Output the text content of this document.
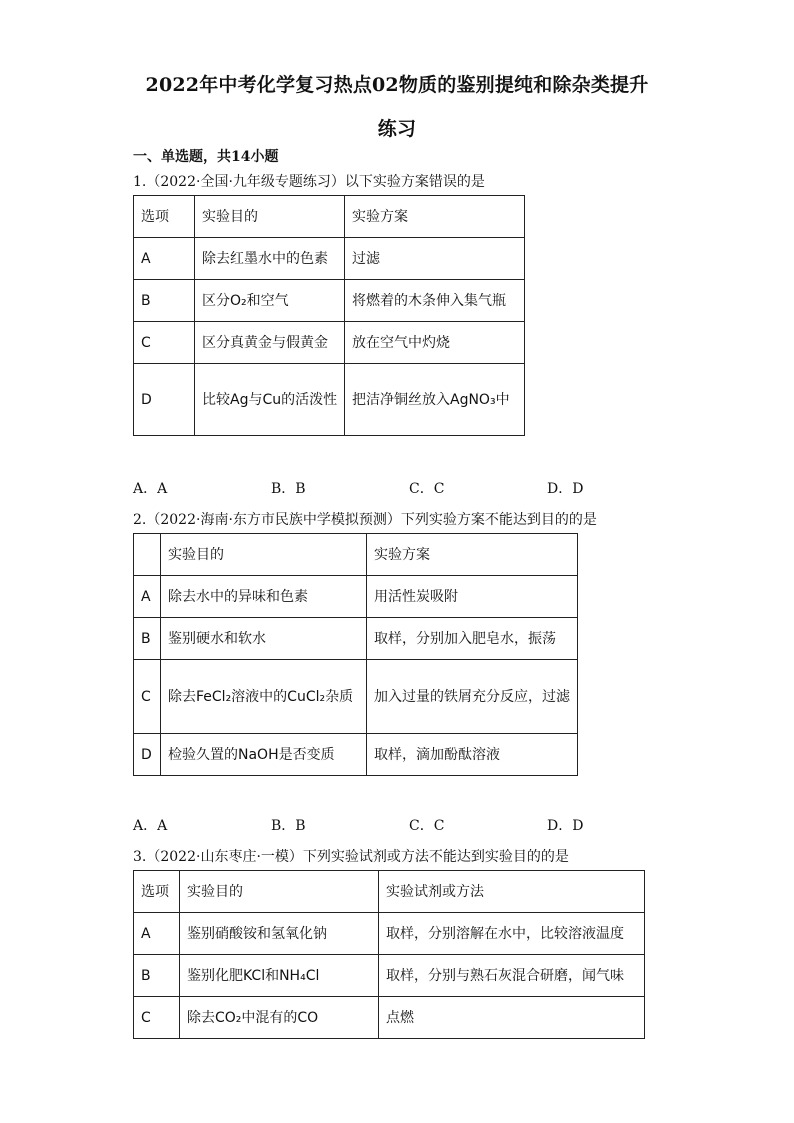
2022年中考化学复习热点02物质的鉴别提纯和除杂类提升
练习
一、单选题，共14小题
1.（2022·全国·九年级专题练习）以下实验方案错误的是
选项	实验目的	实验方案
A	除去红墨水中的色素	过滤
B	区分O₂和空气	将燃着的木条伸入集气瓶
C	区分真黄金与假黄金	放在空气中灼烧
D	比较Ag与Cu的活泼性	把洁净铜丝放入AgNO₃中
A．A	B．B	C．C	D．D
2.（2022·海南·东方市民族中学模拟预测）下列实验方案不能达到目的的是
	实验目的	实验方案
A	除去水中的异味和色素	用活性炭吸附
B	鉴别硬水和软水	取样，分别加入肥皂水，振荡
C	除去FeCl₂溶液中的CuCl₂杂质	加入过量的铁屑充分反应，过滤
D	检验久置的NaOH是否变质	取样，滴加酚酞溶液
A．A	B．B	C．C	D．D
3.（2022·山东枣庄·一模）下列实验试剂或方法不能达到实验目的的是
选项	实验目的	实验试剂或方法
A	鉴别硝酸铵和氢氧化钠	取样，分别溶解在水中，比较溶液温度
B	鉴别化肥KCl和NH₄Cl	取样，分别与熟石灰混合研磨，闻气味
C	除去CO₂中混有的CO	点燃
